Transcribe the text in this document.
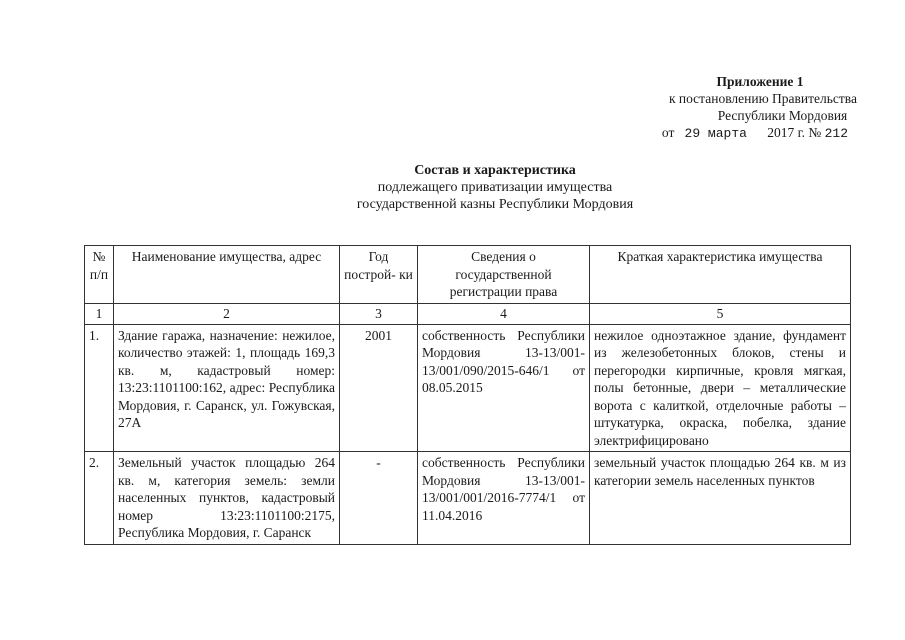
Приложение 1
к постановлению Правительства
Республики Мордовия
от 29 марта 2017 г. № 212
Состав и характеристика
подлежащего приватизации имущества
государственной казны Республики Мордовия
№ п/п	Наименование имущества, адрес	Год построй- ки	Сведения о государственной регистрации права	Краткая характеристика имущества
1	2	3	4	5
1.	Здание гаража, назначение: нежилое, количество этажей: 1, площадь 169,3 кв. м, кадастровый номер: 13:23:1101100:162, адрес: Республика Мордовия, г. Саранск, ул. Гожувская, 27А	2001	собственность Республики Мордовия 13-13/001-13/001/090/2015-646/1 от 08.05.2015	нежилое одноэтажное здание, фундамент из железобетонных блоков, стены и перегородки кирпичные, кровля мягкая, полы бетонные, двери – металлические ворота с калиткой, отделочные работы – штукатурка, окраска, побелка, здание электрифицировано
2.	Земельный участок площадью 264 кв. м, категория земель: земли населенных пунктов, кадастровый номер 13:23:1101100:2175, Республика Мордовия, г. Саранск	-	собственность Республики Мордовия 13-13/001-13/001/001/2016-7774/1 от 11.04.2016	земельный участок площадью 264 кв. м из категории земель населенных пунктов
